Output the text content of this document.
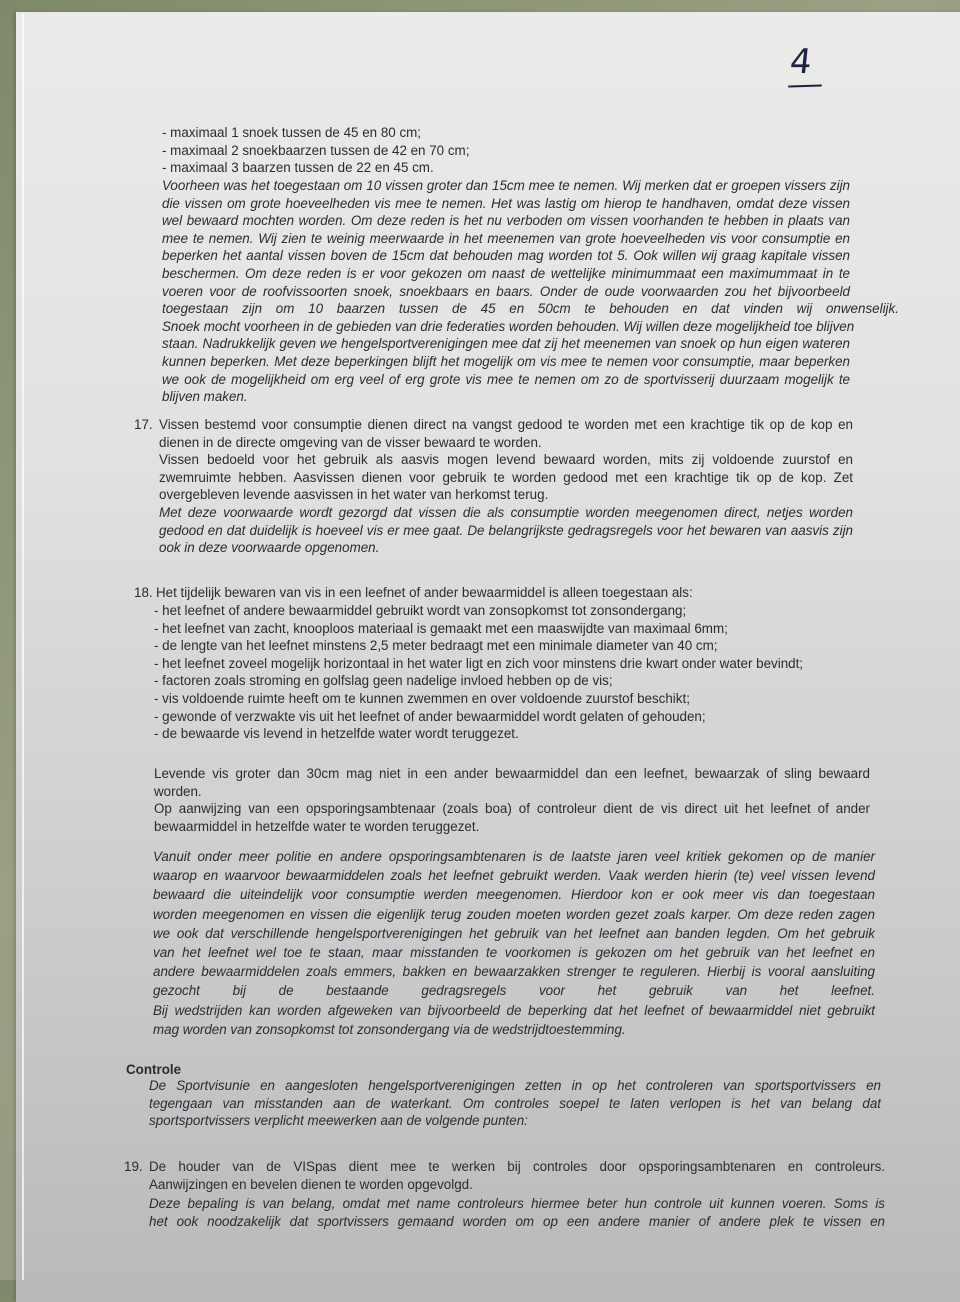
4
- maximaal 1 snoek tussen de 45 en 80 cm;
- maximaal 2 snoekbaarzen tussen de 42 en 70 cm;
- maximaal 3 baarzen tussen de 22 en 45 cm.
Voorheen was het toegestaan om 10 vissen groter dan 15cm mee te nemen. Wij merken dat er groepen vissers zijn
die vissen om grote hoeveelheden vis mee te nemen. Het was lastig om hierop te handhaven, omdat deze vissen
wel bewaard mochten worden. Om deze reden is het nu verboden om vissen voorhanden te hebben in plaats van
mee te nemen. Wij zien te weinig meerwaarde in het meenemen van grote hoeveelheden vis voor consumptie en
beperken het aantal vissen boven de 15cm dat behouden mag worden tot 5. Ook willen wij graag kapitale vissen
beschermen. Om deze reden is er voor gekozen om naast de wettelijke minimummaat een maximummaat in te
voeren voor de roofvissoorten snoek, snoekbaars en baars. Onder de oude voorwaarden zou het bijvoorbeeld
toegestaan zijn om 10 baarzen tussen de 45 en 50cm te behouden en dat vinden wij onwenselijk.
Snoek mocht voorheen in de gebieden van drie federaties worden behouden. Wij willen deze mogelijkheid toe blijven
staan. Nadrukkelijk geven we hengelsportverenigingen mee dat zij het meenemen van snoek op hun eigen wateren
kunnen beperken. Met deze beperkingen blijft het mogelijk om vis mee te nemen voor consumptie, maar beperken
we ook de mogelijkheid om erg veel of erg grote vis mee te nemen om zo de sportvisserij duurzaam mogelijk te
blijven maken.
17. Vissen bestemd voor consumptie dienen direct na vangst gedood te worden met een krachtige tik op de kop en
dienen in de directe omgeving van de visser bewaard te worden.
Vissen bedoeld voor het gebruik als aasvis mogen levend bewaard worden, mits zij voldoende zuurstof en
zwemruimte hebben. Aasvissen dienen voor gebruik te worden gedood met een krachtige tik op de kop. Zet
overgebleven levende aasvissen in het water van herkomst terug.
Met deze voorwaarde wordt gezorgd dat vissen die als consumptie worden meegenomen direct, netjes worden
gedood en dat duidelijk is hoeveel vis er mee gaat. De belangrijkste gedragsregels voor het bewaren van aasvis zijn
ook in deze voorwaarde opgenomen.
18. Het tijdelijk bewaren van vis in een leefnet of ander bewaarmiddel is alleen toegestaan als:
- het leefnet of andere bewaarmiddel gebruikt wordt van zonsopkomst tot zonsondergang;
- het leefnet van zacht, knooploos materiaal is gemaakt met een maaswijdte van maximaal 6mm;
- de lengte van het leefnet minstens 2,5 meter bedraagt met een minimale diameter van 40 cm;
- het leefnet zoveel mogelijk horizontaal in het water ligt en zich voor minstens drie kwart onder water bevindt;
- factoren zoals stroming en golfslag geen nadelige invloed hebben op de vis;
- vis voldoende ruimte heeft om te kunnen zwemmen en over voldoende zuurstof beschikt;
- gewonde of verzwakte vis uit het leefnet of ander bewaarmiddel wordt gelaten of gehouden;
- de bewaarde vis levend in hetzelfde water wordt teruggezet.
Levende vis groter dan 30cm mag niet in een ander bewaarmiddel dan een leefnet, bewaarzak of sling bewaard
worden.
Op aanwijzing van een opsporingsambtenaar (zoals boa) of controleur dient de vis direct uit het leefnet of ander
bewaarmiddel in hetzelfde water te worden teruggezet.
Vanuit onder meer politie en andere opsporingsambtenaren is de laatste jaren veel kritiek gekomen op de manier
waarop en waarvoor bewaarmiddelen zoals het leefnet gebruikt werden. Vaak werden hierin (te) veel vissen levend
bewaard die uiteindelijk voor consumptie werden meegenomen. Hierdoor kon er ook meer vis dan toegestaan
worden meegenomen en vissen die eigenlijk terug zouden moeten worden gezet zoals karper. Om deze reden zagen
we ook dat verschillende hengelsportverenigingen het gebruik van het leefnet aan banden legden. Om het gebruik
van het leefnet wel toe te staan, maar misstanden te voorkomen is gekozen om het gebruik van het leefnet en
andere bewaarmiddelen zoals emmers, bakken en bewaarzakken strenger te reguleren. Hierbij is vooral aansluiting
gezocht bij de bestaande gedragsregels voor het gebruik van het leefnet.
Bij wedstrijden kan worden afgeweken van bijvoorbeeld de beperking dat het leefnet of bewaarmiddel niet gebruikt
mag worden van zonsopkomst tot zonsondergang via de wedstrijdtoestemming.
Controle
De Sportvisunie en aangesloten hengelsportverenigingen zetten in op het controleren van sportsportvissers en
tegengaan van misstanden aan de waterkant. Om controles soepel te laten verlopen is het van belang dat
sportsportvissers verplicht meewerken aan de volgende punten:
19. De houder van de VISpas dient mee te werken bij controles door opsporingsambtenaren en controleurs.
Aanwijzingen en bevelen dienen te worden opgevolgd.
Deze bepaling is van belang, omdat met name controleurs hiermee beter hun controle uit kunnen voeren. Soms is
het ook noodzakelijk dat sportvissers gemaand worden om op een andere manier of andere plek te vissen en
